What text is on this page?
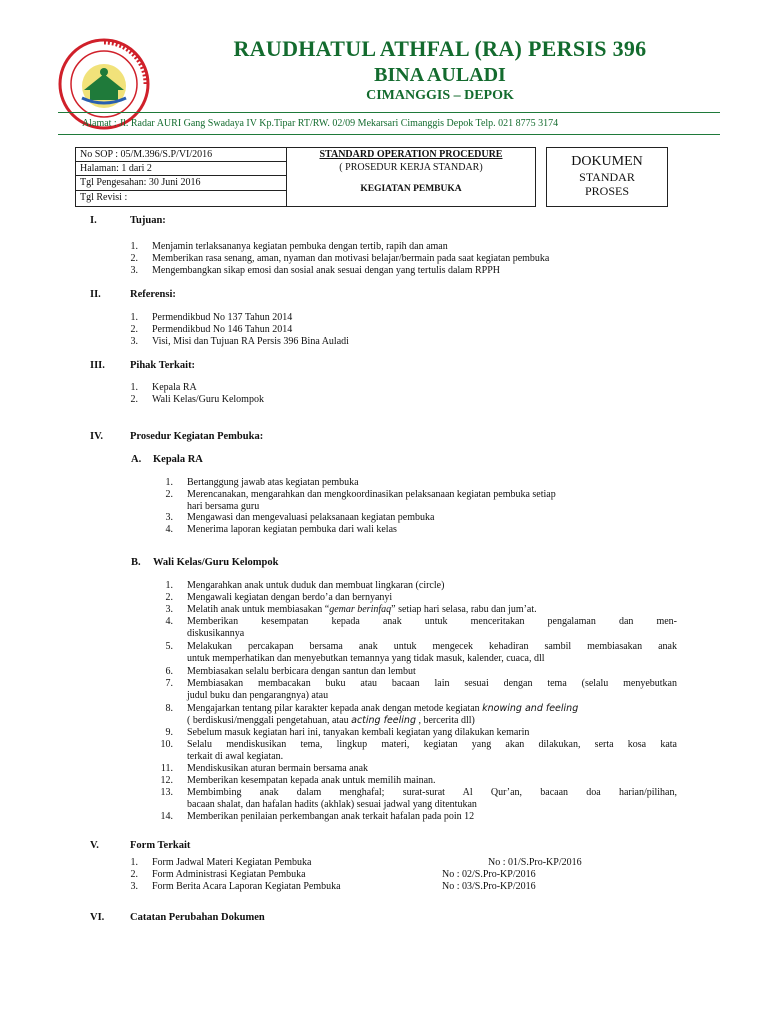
RAUDHATUL ATHFAL (RA) PERSIS 396
BINA AULADI
CIMANGGIS – DEPOK
Alamat : Jl. Radar AURI Gang Swadaya IV Kp.Tipar RT/RW. 02/09 Mekarsari Cimanggis Depok Telp. 021 8775 3174
No SOP : 05/M.396/S.P/VI/2016
Halaman: 1 dari 2
Tgl Pengesahan: 30 Juni 2016
Tgl Revisi :
STANDARD OPERATION PROCEDURE
( PROSEDUR KERJA STANDAR)
KEGIATAN PEMBUKA
DOKUMEN
STANDAR
PROSES
I.	Tujuan:
1. Menjamin terlaksananya kegiatan pembuka dengan tertib, rapih dan aman
2. Memberikan rasa senang, aman, nyaman dan motivasi belajar/bermain pada saat kegiatan pembuka
3. Mengembangkan sikap emosi dan sosial anak sesuai dengan yang tertulis dalam RPPH
II.	Referensi:
1. Permendikbud No 137 Tahun 2014
2. Permendikbud No 146 Tahun 2014
3. Visi, Misi dan Tujuan RA Persis 396 Bina Auladi
III. Pihak Terkait:
1. Kepala RA
2. Wali Kelas/Guru Kelompok
IV.	Prosedur Kegiatan Pembuka:
A. Kepala RA
1. Bertanggung jawab atas kegiatan pembuka
2. Merencanakan, mengarahkan dan mengkoordinasikan pelaksanaan kegiatan pembuka setiap
hari bersama guru
3. Mengawasi dan mengevaluasi pelaksanaan kegiatan pembuka
4. Menerima laporan kegiatan pembuka dari wali kelas
B. Wali Kelas/Guru Kelompok
1. Mengarahkan anak untuk duduk dan membuat lingkaran (circle)
2. Mengawali kegiatan dengan berdo’a dan bernyanyi
3. Melatih anak untuk membiasakan “gemar berinfaq” setiap hari selasa, rabu dan jum’at.
4. Memberikan kesempatan kepada anak untuk menceritakan pengalaman dan men-
diskusikannya
5. Melakukan percakapan bersama anak untuk mengecek kehadiran sambil membiasakan anak
untuk memperhatikan dan menyebutkan temannya yang tidak masuk, kalender, cuaca, dll
6. Membiasakan selalu berbicara dengan santun dan lembut
7. Membiasakan membacakan buku atau bacaan lain sesuai dengan tema (selalu menyebutkan
judul buku dan pengarangnya) atau
8. Mengajarkan tentang pilar karakter kepada anak dengan metode kegiatan knowing and feeling
( berdiskusi/menggali pengetahuan, atau acting feeling , bercerita dll)
9. Sebelum masuk kegiatan hari ini, tanyakan kembali kegiatan yang dilakukan kemarin
10. Selalu mendiskusikan tema, lingkup materi, kegiatan yang akan dilakukan, serta kosa kata
terkait di awal kegiatan.
11. Mendiskusikan aturan bermain bersama anak
12. Memberikan kesempatan kepada anak untuk memilih mainan.
13. Membimbing anak dalam menghafal; surat-surat Al Qur’an, bacaan doa harian/pilihan,
bacaan shalat, dan hafalan hadits (akhlak) sesuai jadwal yang ditentukan
14. Memberikan penilaian perkembangan anak terkait hafalan pada poin 12
V.	Form Terkait
1. Form Jadwal Materi Kegiatan Pembuka	No : 01/S.Pro-KP/2016
2. Form Administrasi Kegiatan Pembuka	No : 02/S.Pro-KP/2016
3. Form Berita Acara Laporan Kegiatan Pembuka	No : 03/S.Pro-KP/2016
VI. Catatan Perubahan Dokumen
